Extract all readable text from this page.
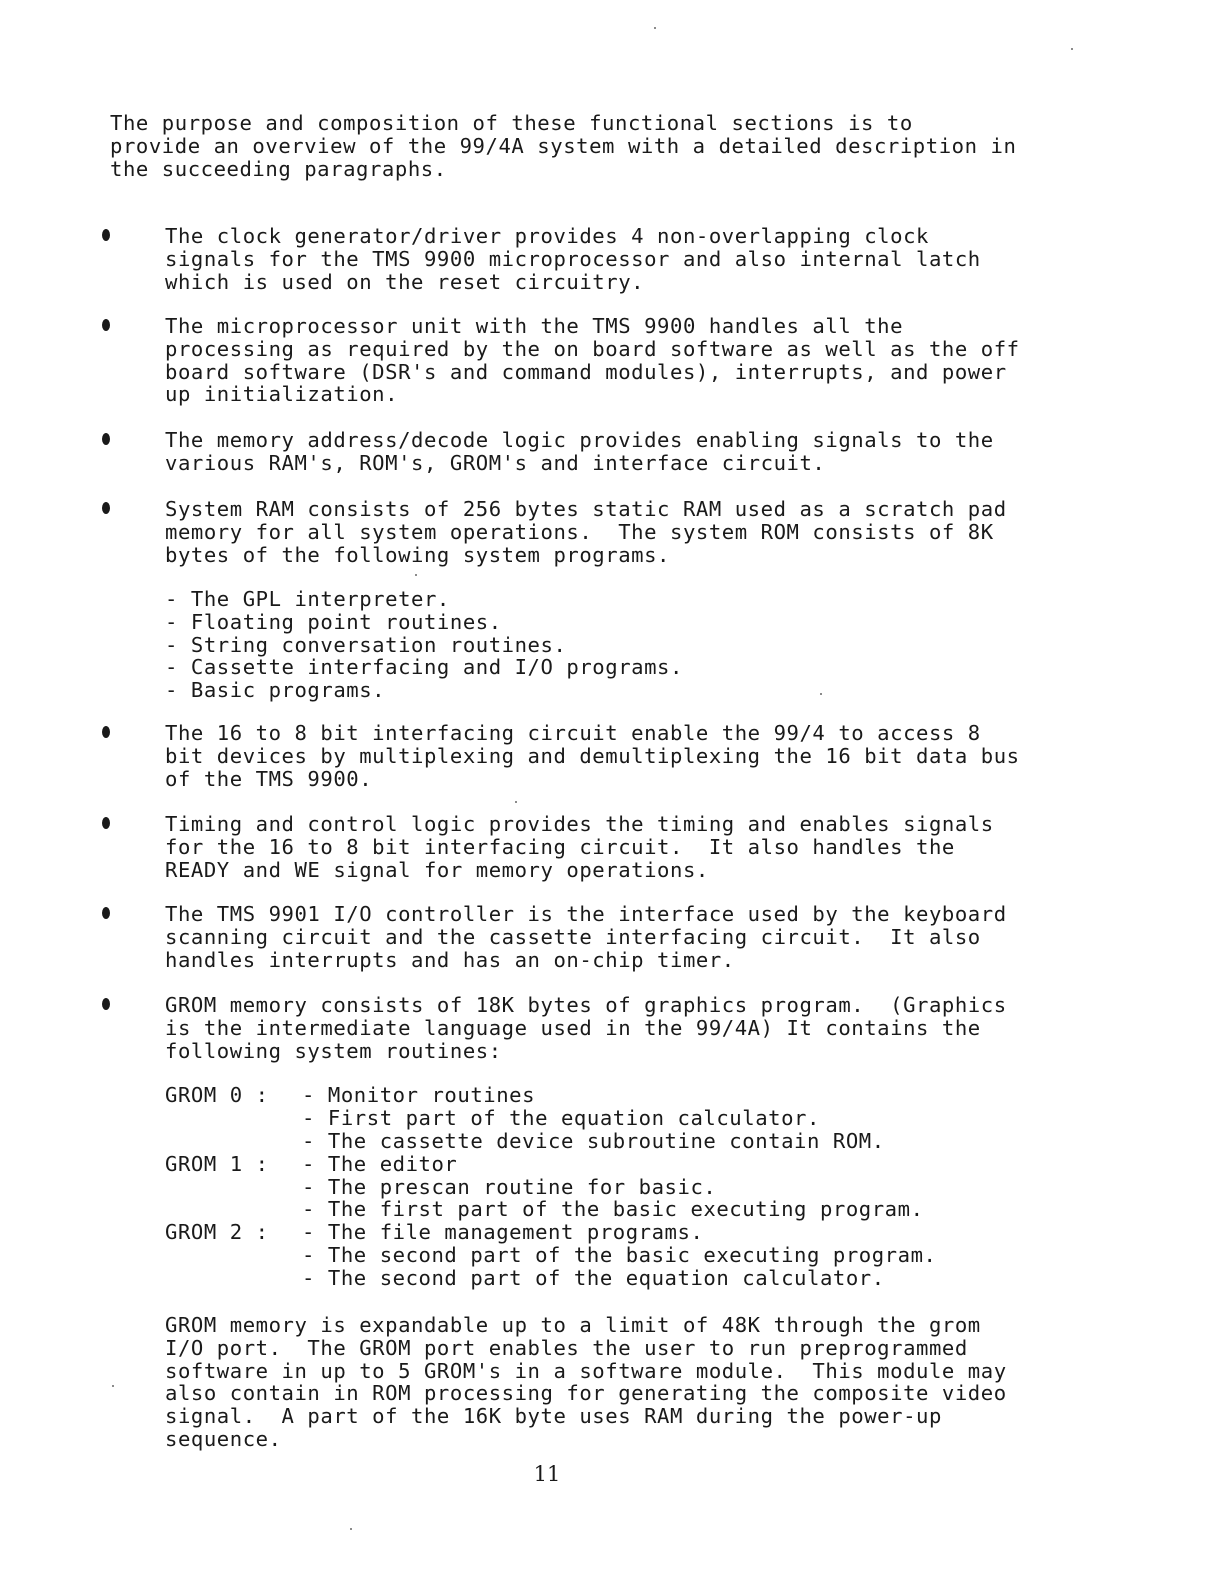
The purpose and composition of these functional sections is to
provide an overview of the 99/4A system with a detailed description in
the succeeding paragraphs.
The clock generator/driver provides 4 non-overlapping clock
signals for the TMS 9900 microprocessor and also internal latch
which is used on the reset circuitry.
The microprocessor unit with the TMS 9900 handles all the
processing as required by the on board software as well as the off
board software (DSR's and command modules), interrupts, and power
up initialization.
The memory address/decode logic provides enabling signals to the
various RAM's, ROM's, GROM's and interface circuit.
System RAM consists of 256 bytes static RAM used as a scratch pad
memory for all system operations.  The system ROM consists of 8K
bytes of the following system programs.
- The GPL interpreter.
- Floating point routines.
- String conversation routines.
- Cassette interfacing and I/O programs.
- Basic programs.
The 16 to 8 bit interfacing circuit enable the 99/4 to access 8
bit devices by multiplexing and demultiplexing the 16 bit data bus
of the TMS 9900.
Timing and control logic provides the timing and enables signals
for the 16 to 8 bit interfacing circuit.  It also handles the
READY and WE signal for memory operations.
The TMS 9901 I/O controller is the interface used by the keyboard
scanning circuit and the cassette interfacing circuit.  It also
handles interrupts and has an on-chip timer.
GROM memory consists of 18K bytes of graphics program.  (Graphics
is the intermediate language used in the 99/4A) It contains the
following system routines:
GROM 0 : - Monitor routines
- First part of the equation calculator.
- The cassette device subroutine contain ROM.
GROM 1 : - The editor
- The prescan routine for basic.
- The first part of the basic executing program.
GROM 2 : - The file management programs.
- The second part of the basic executing program.
- The second part of the equation calculator.
GROM memory is expandable up to a limit of 48K through the grom
I/O port.  The GROM port enables the user to run preprogrammed
software in up to 5 GROM's in a software module.  This module may
also contain in ROM processing for generating the composite video
signal.  A part of the 16K byte uses RAM during the power-up
sequence.
11
